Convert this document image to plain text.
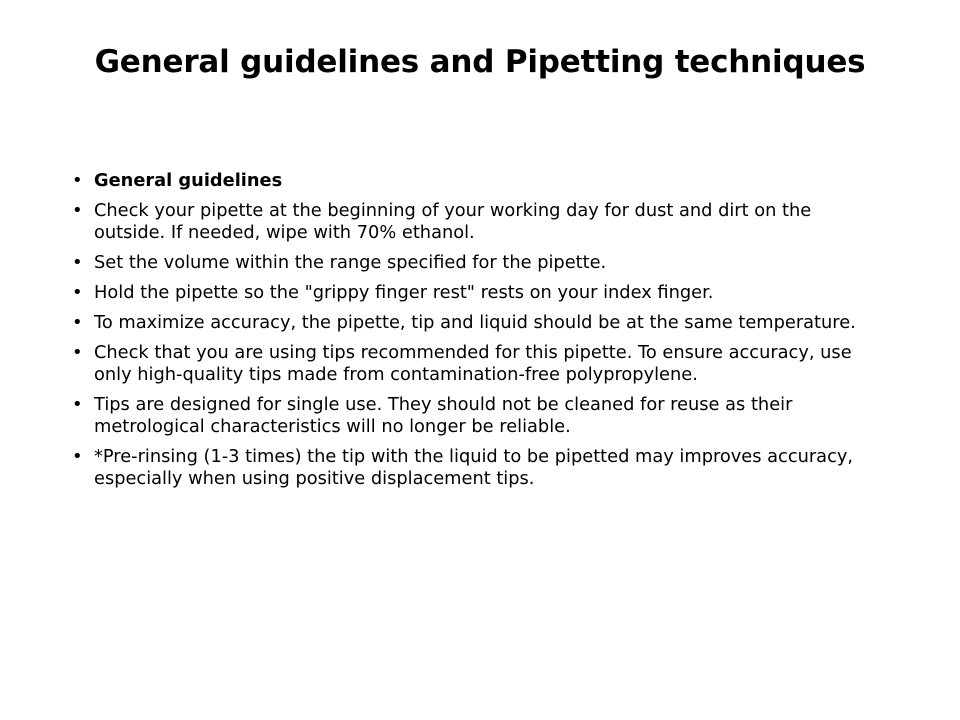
General guidelines and Pipetting techniques
• General guidelines
• Check your pipette at the beginning of your working day for dust and dirt on the outside. If needed, wipe with 70% ethanol.
• Set the volume within the range specified for the pipette.
• Hold the pipette so the "grippy finger rest" rests on your index finger.
• To maximize accuracy, the pipette, tip and liquid should be at the same temperature.
• Check that you are using tips recommended for this pipette. To ensure accuracy, use only high-quality tips made from contamination-free polypropylene.
• Tips are designed for single use. They should not be cleaned for reuse as their metrological characteristics will no longer be reliable.
• *Pre-rinsing (1-3 times) the tip with the liquid to be pipetted may improves accuracy, especially when using positive displacement tips.
